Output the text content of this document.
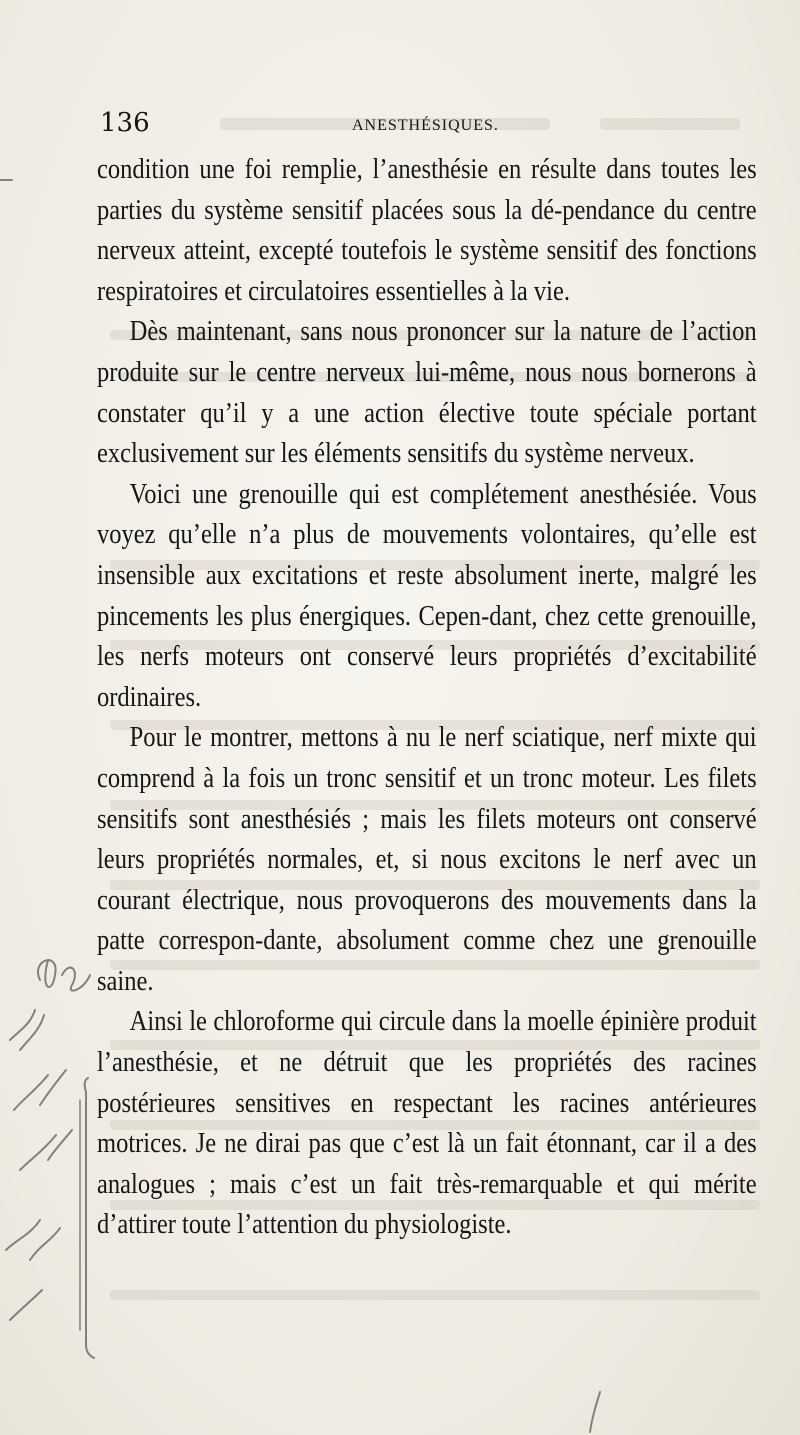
136	ANESTHÉSIQUES.

condition une foi remplie, l’anesthésie en résulte dans toutes les parties du système sensitif placées sous la dé-pendance du centre nerveux atteint, excepté toutefois le système sensitif des fonctions respiratoires et circulatoires essentielles à la vie.

Dès maintenant, sans nous prononcer sur la nature de l’action produite sur le centre nerveux lui-même, nous nous bornerons à constater qu’il y a une action élective toute spéciale portant exclusivement sur les éléments sensitifs du système nerveux.

Voici une grenouille qui est complétement anesthésiée. Vous voyez qu’elle n’a plus de mouvements volontaires, qu’elle est insensible aux excitations et reste absolument inerte, malgré les pincements les plus énergiques. Cepen-dant, chez cette grenouille, les nerfs moteurs ont conservé leurs propriétés d’excitabilité ordinaires.

Pour le montrer, mettons à nu le nerf sciatique, nerf mixte qui comprend à la fois un tronc sensitif et un tronc moteur. Les filets sensitifs sont anesthésiés ; mais les filets moteurs ont conservé leurs propriétés normales, et, si nous excitons le nerf avec un courant électrique, nous provoquerons des mouvements dans la patte correspon-dante, absolument comme chez une grenouille saine.

Ainsi le chloroforme qui circule dans la moelle épinière produit l’anesthésie, et ne détruit que les propriétés des racines postérieures sensitives en respectant les racines antérieures motrices. Je ne dirai pas que c’est là un fait étonnant, car il a des analogues ; mais c’est un fait très-remarquable et qui mérite d’attirer toute l’attention du physiologiste.
